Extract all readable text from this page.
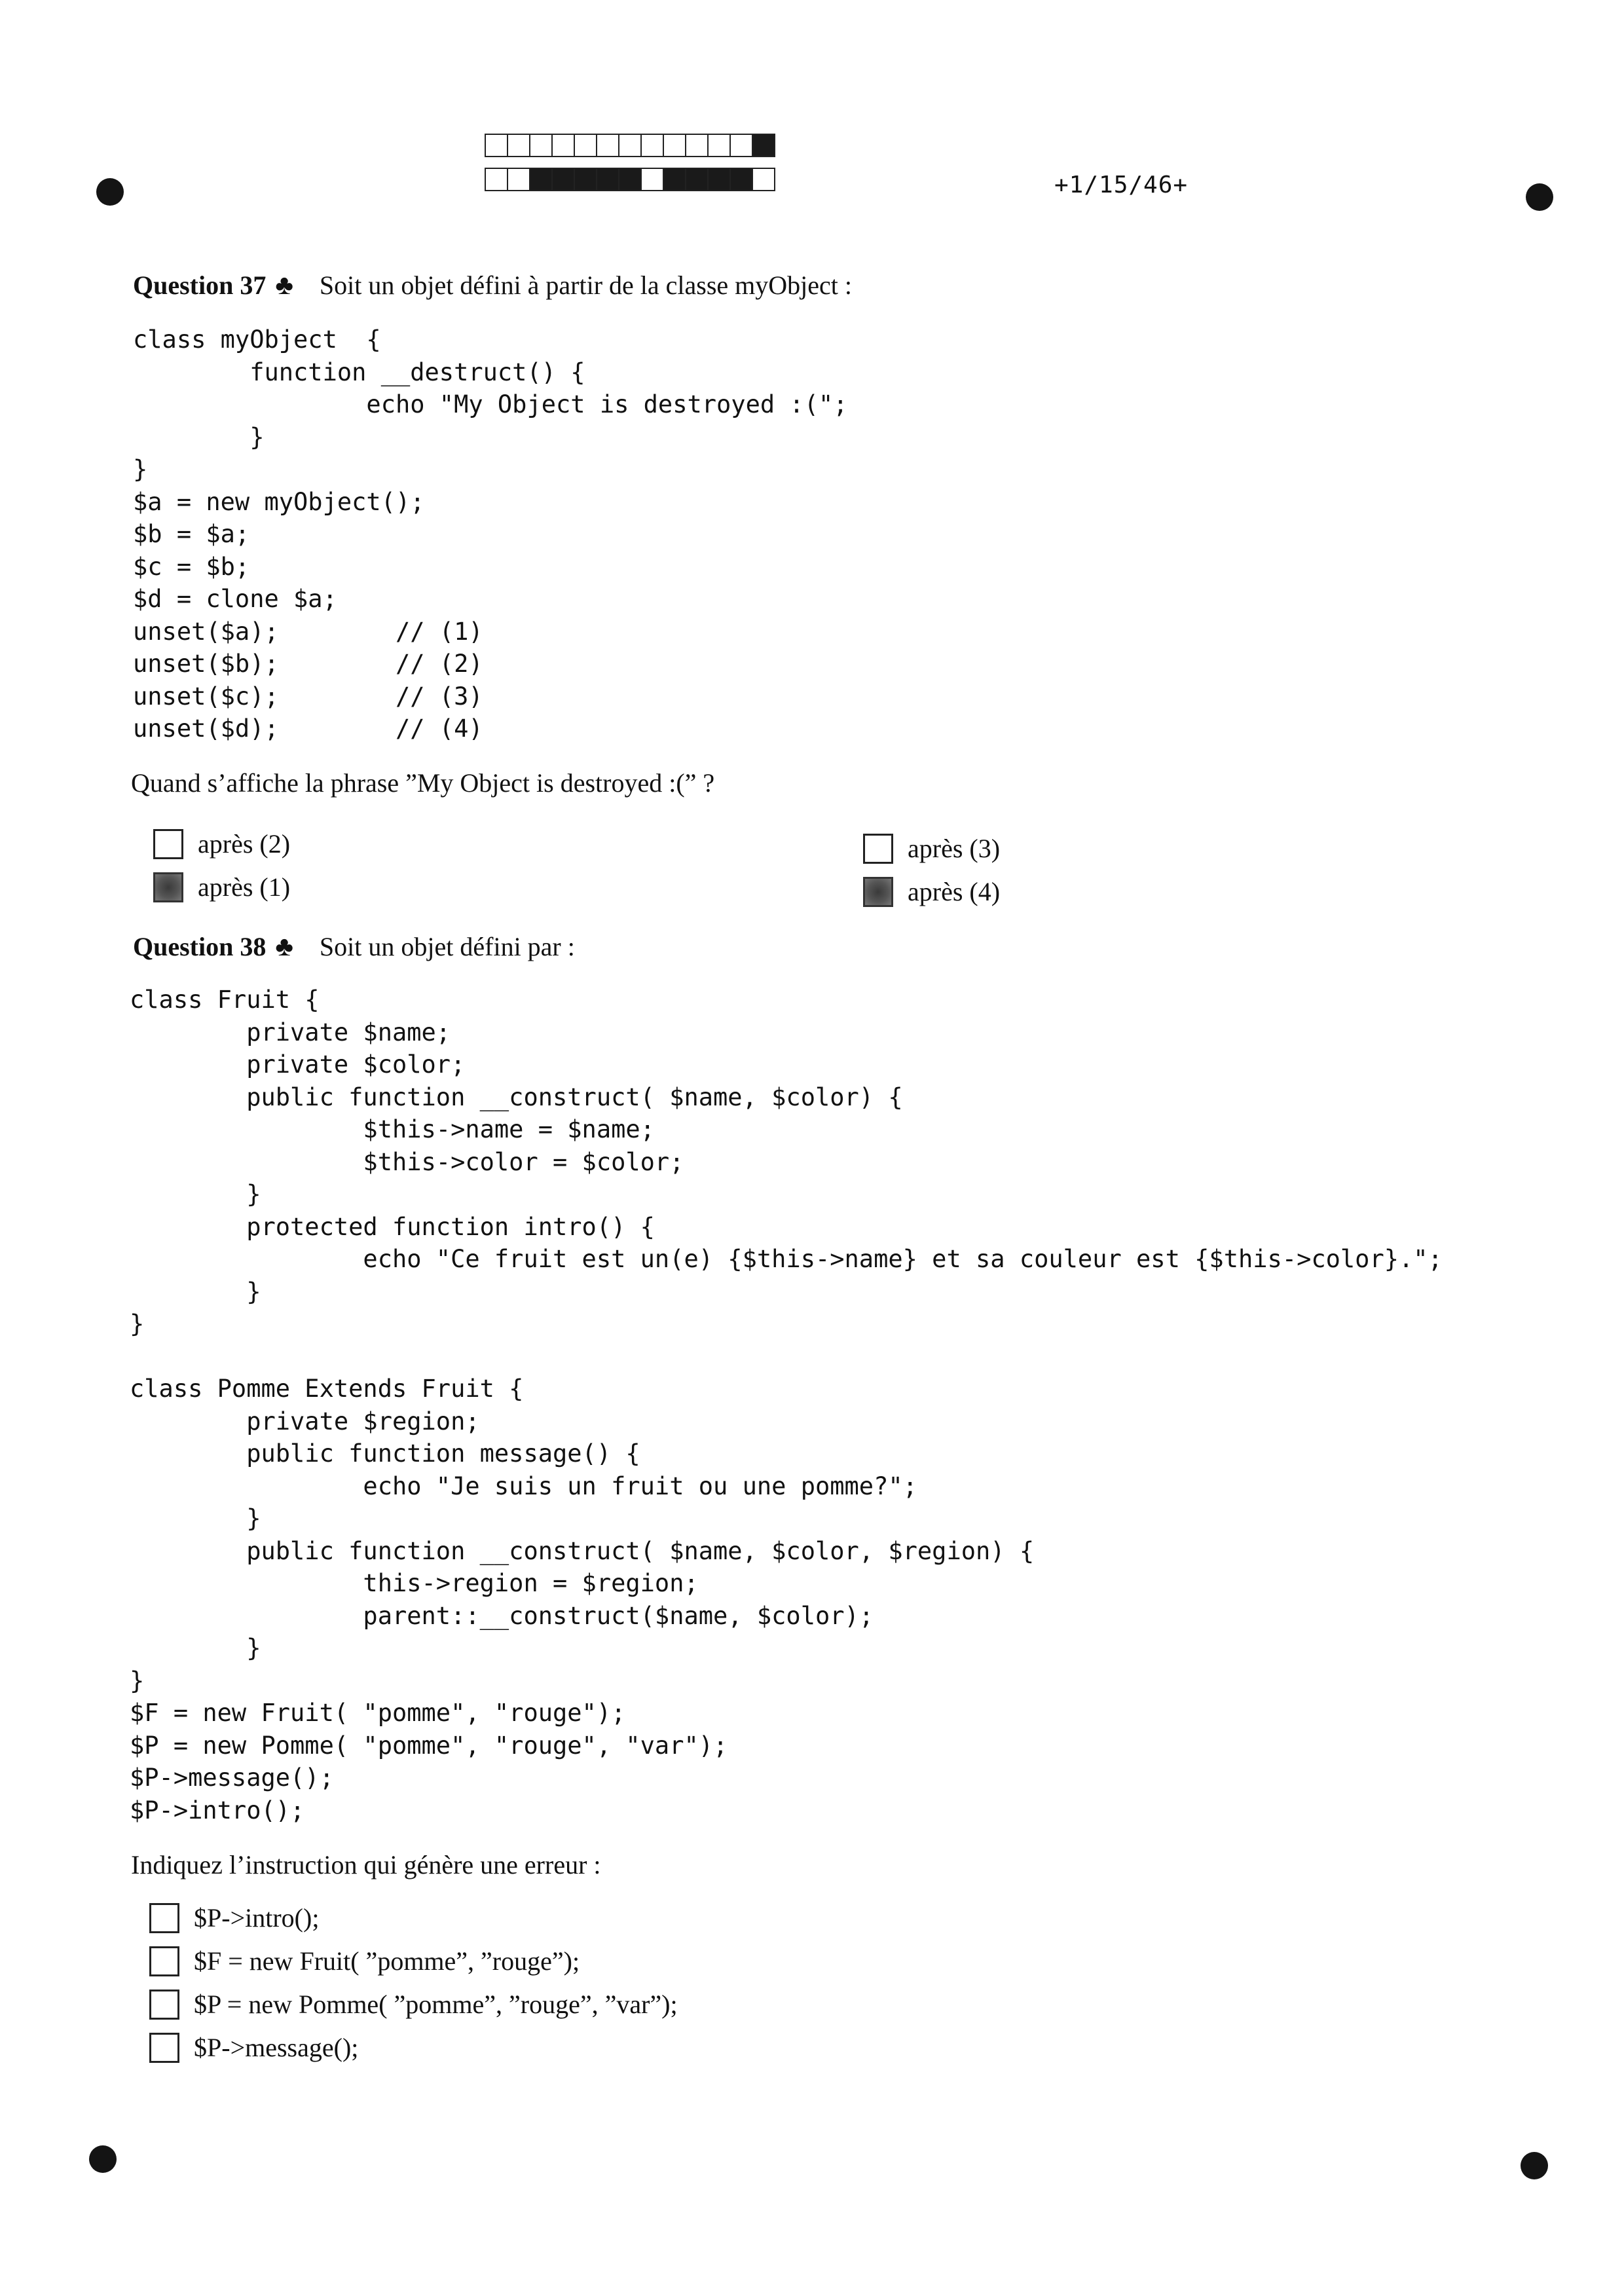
+1/15/46+
Question 37 ♣ Soit un objet défini à partir de la classe myObject :
class myObject  {
function __destruct() {
echo "My Object is destroyed :(";
}
}
$a = new myObject();
$b = $a;
$c = $b;
$d = clone $a;
unset($a);        // (1)
unset($b);        // (2)
unset($c);        // (3)
unset($d);        // (4)
Quand s’affiche la phrase ”My Object is destroyed :(” ?
après (2)	après (3)
après (1)	après (4)
Question 38 ♣ Soit un objet défini par :
class Fruit {
private $name;
private $color;
public function __construct( $name, $color) {
$this->name = $name;
$this->color = $color;
}
protected function intro() {
echo "Ce fruit est un(e) {$this->name} et sa couleur est {$this->color}.";
}
}

class Pomme Extends Fruit {
private $region;
public function message() {
echo "Je suis un fruit ou une pomme?";
}
public function __construct( $name, $color, $region) {
this->region = $region;
parent::__construct($name, $color);
}
}
$F = new Fruit( "pomme", "rouge");
$P = new Pomme( "pomme", "rouge", "var");
$P->message();
$P->intro();
Indiquez l’instruction qui génère une erreur :
$P->intro();
$F = new Fruit( ”pomme”, ”rouge”);
$P = new Pomme( ”pomme”, ”rouge”, ”var”);
$P->message();
